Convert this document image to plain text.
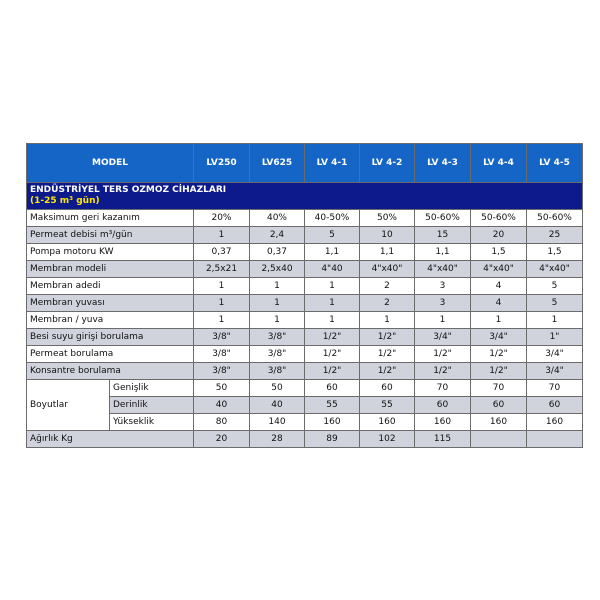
MODEL		LV250	LV625	LV 4-1	LV 4-2	LV 4-3	LV 4-4	LV 4-5
ENDÜSTRİYEL TERS OZMOZ CİHAZLARI
(1-25 m³ gün)								

Maksimum geri kazanım		20%	40%	40-50%	50%	50-60%	50-60%	50-60%
Permeat debisi m³/gün		1	2,4	5	10	15	20	25
Pompa motoru KW		0,37	0,37	1,1	1,1	1,1	1,5	1,5
Membran modeli		2,5x21	2,5x40	4"40	4"x40"	4"x40"	4"x40"	4"x40"
Membran adedi		1	1	1	2	3	4	5
Membran yuvası		1	1	1	2	3	4	5
Membran / yuva		1	1	1	1	1	1	1
Besi suyu girişi borulama		3/8"	3/8"	1/2"	1/2"	3/4"	3/4"	1"
Permeat borulama		3/8"	3/8"	1/2"	1/2"	1/2"	1/2"	3/4"
Konsantre borulama		3/8"	3/8"	1/2"	1/2"	1/2"	1/2"	3/4"
Boyutlar	Genişlik	50	50	60	60	70	70	70
	Derinlik	40	40	55	55	60	60	60
	Yükseklik	80	140	160	160	160	160	160
Ağırlık Kg		20	28	89	102	115		
